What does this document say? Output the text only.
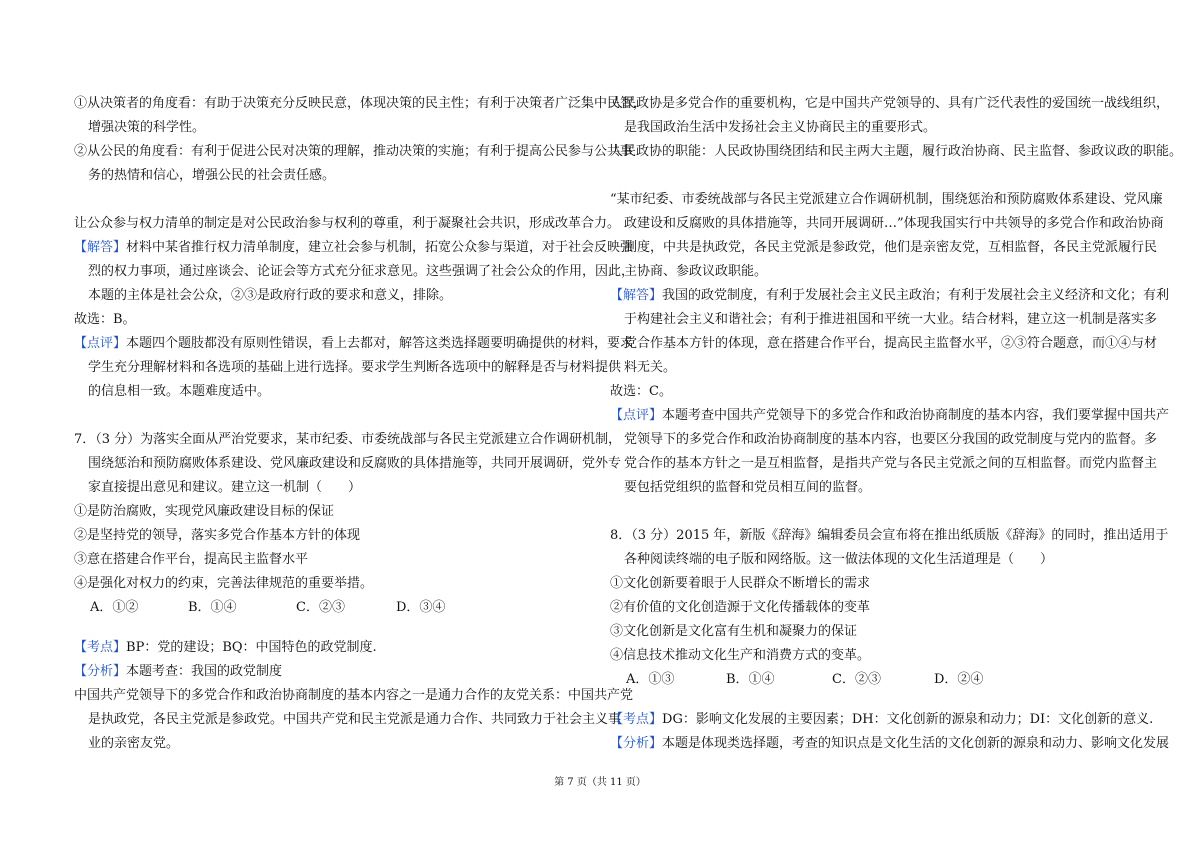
①从决策者的角度看：有助于决策充分反映民意，体现决策的民主性；有利于决策者广泛集中民智，
增强决策的科学性。
②从公民的角度看：有利于促进公民对决策的理解，推动决策的实施；有利于提高公民参与公共事
务的热情和信心，增强公民的社会责任感。
让公众参与权力清单的制定是对公民政治参与权利的尊重，利于凝聚社会共识，形成改革合力。
【解答】材料中某省推行权力清单制度，建立社会参与机制，拓宽公众参与渠道，对于社会反映强
烈的权力事项，通过座谈会、论证会等方式充分征求意见。这些强调了社会公众的作用，因此，
本题的主体是社会公众，②③是政府行政的要求和意义，排除。
故选：B。
【点评】本题四个题肢都没有原则性错误，看上去都对，解答这类选择题要明确提供的材料，要求
学生充分理解材料和各选项的基础上进行选择。要求学生判断各选项中的解释是否与材料提供
的信息相一致。本题难度适中。
7．（3 分）为落实全面从严治党要求，某市纪委、市委统战部与各民主党派建立合作调研机制，
围绕惩治和预防腐败体系建设、党风廉政建设和反腐败的具体措施等，共同开展调研，党外专
家直接提出意见和建议。建立这一机制（　　）
①是防治腐败，实现党风廉政建设目标的保证
②是坚持党的领导，落实多党合作基本方针的体现
③意在搭建合作平台，提高民主监督水平
④是强化对权力的约束，完善法律规范的重要举措。
A．①②	B．①④	C．②③	D．③④
【考点】BP：党的建设；BQ：中国特色的政党制度.
【分析】本题考查：我国的政党制度
中国共产党领导下的多党合作和政治协商制度的基本内容之一是通力合作的友党关系：中国共产党
是执政党，各民主党派是参政党。中国共产党和民主党派是通力合作、共同致力于社会主义事
业的亲密友党。
人民政协是多党合作的重要机构，它是中国共产党领导的、具有广泛代表性的爱国统一战线组织，
是我国政治生活中发扬社会主义协商民主的重要形式。
人民政协的职能：人民政协围绕团结和民主两大主题，履行政治协商、民主监督、参政议政的职能。
“某市纪委、市委统战部与各民主党派建立合作调研机制，围绕惩治和预防腐败体系建设、党风廉
政建设和反腐败的具体措施等，共同开展调研…”体现我国实行中共领导的多党合作和政治协商
制度，中共是执政党，各民主党派是参政党，他们是亲密友党，互相监督，各民主党派履行民
主协商、参政议政职能。
【解答】我国的政党制度，有利于发展社会主义民主政治；有利于发展社会主义经济和文化；有利
于构建社会主义和谐社会；有利于推进祖国和平统一大业。结合材料，建立这一机制是落实多
党合作基本方针的体现，意在搭建合作平台，提高民主监督水平，②③符合题意，而①④与材
料无关。
故选：C。
【点评】本题考查中国共产党领导下的多党合作和政治协商制度的基本内容，我们要掌握中国共产
党领导下的多党合作和政治协商制度的基本内容，也要区分我国的政党制度与党内的监督。多
党合作的基本方针之一是互相监督，是指共产党与各民主党派之间的互相监督。而党内监督主
要包括党组织的监督和党员相互间的监督。
8．（3 分）2015 年，新版《辞海》编辑委员会宣布将在推出纸质版《辞海》的同时，推出适用于
各种阅读终端的电子版和网络版。这一做法体现的文化生活道理是（　　）
①文化创新要着眼于人民群众不断增长的需求
②有价值的文化创造源于文化传播载体的变革
③文化创新是文化富有生机和凝聚力的保证
④信息技术推动文化生产和消费方式的变革。
A．①③	B．①④	C．②③	D．②④
【考点】DG：影响文化发展的主要因素；DH：文化创新的源泉和动力；DI：文化创新的意义.
【分析】本题是体现类选择题，考查的知识点是文化生活的文化创新的源泉和动力、影响文化发展
第 7 页（共 11 页）
